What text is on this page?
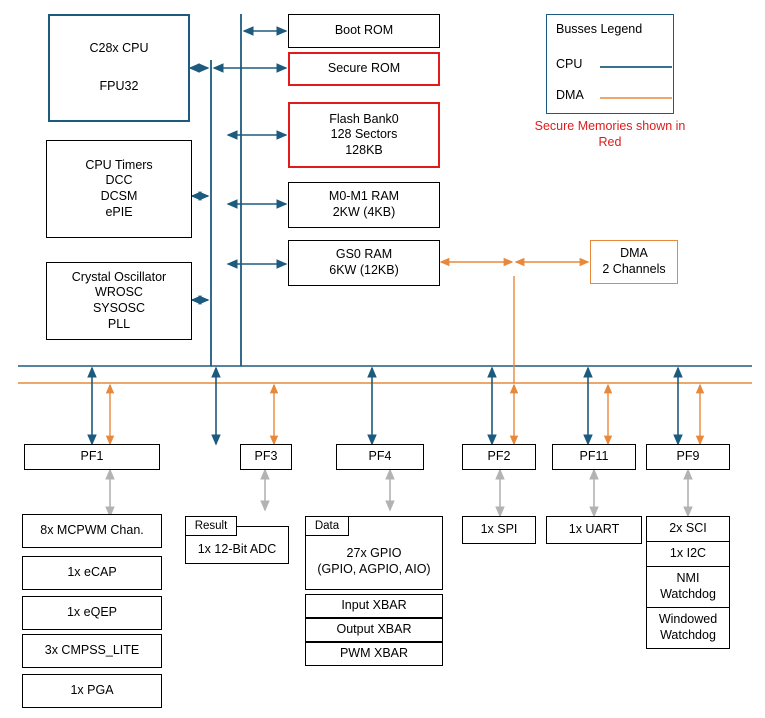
Busses Legend
CPU
DMA
Secure Memories shown in Red
C28x CPU
FPU32
CPU Timers
DCC
DCSM
ePIE
Crystal Oscillator
WROSC
SYSOSC
PLL
Boot ROM
Secure ROM
Flash Bank0
128 Sectors
128KB
M0-M1 RAM
2KW (4KB)
GS0 RAM
6KW (12KB)
DMA
2 Channels
PF1	PF3	PF4	PF2	PF11	PF9
8x MCPWM Chan.
1x eCAP
1x eQEP
3x CMPSS_LITE
1x PGA
1x 12-Bit ADC
Result
27x GPIO
(GPIO, AGPIO, AIO)
Data
Input XBAR
Output XBAR
PWM XBAR
1x SPI	1x UART	2x SCI
1x I2C
NMI
Watchdog
Windowed
Watchdog
